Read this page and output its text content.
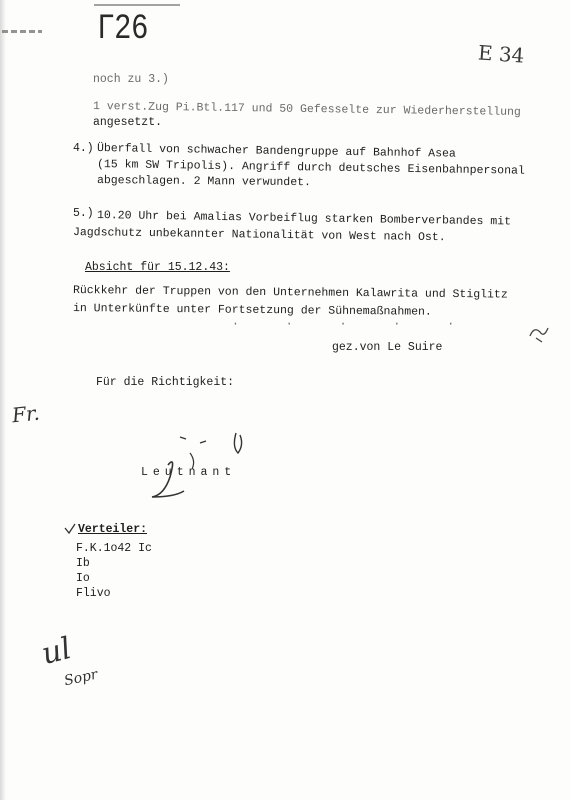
Γ26
E 34
noch zu 3.)
1 verst.Zug Pi.Btl.117 und 50 Gefesselte zur Wiederherstellung
angesetzt.
4.) Überfall von schwacher Bandengruppe auf Bahnhof Asea
(15 km SW Tripolis). Angriff durch deutsches Eisenbahnpersonal
abgeschlagen. 2 Mann verwundet.
5.) 10.20 Uhr bei Amalias Vorbeiflug starken Bomberverbandes mit
Jagdschutz unbekannter Nationalität von West nach Ost.
Absicht für 15.12.43:
Rückkehr der Truppen von den Unternehmen Kalawrita und Stiglitz
in Unterkünfte unter Fortsetzung der Sühnemaßnahmen.
· · · · ·
gez.von Le Suire
Für die Richtigkeit:
Leutnant
Fr.
Verteiler:
F.K.1o42 Ic
Ib
Io
Flivo
ul
Sopr
